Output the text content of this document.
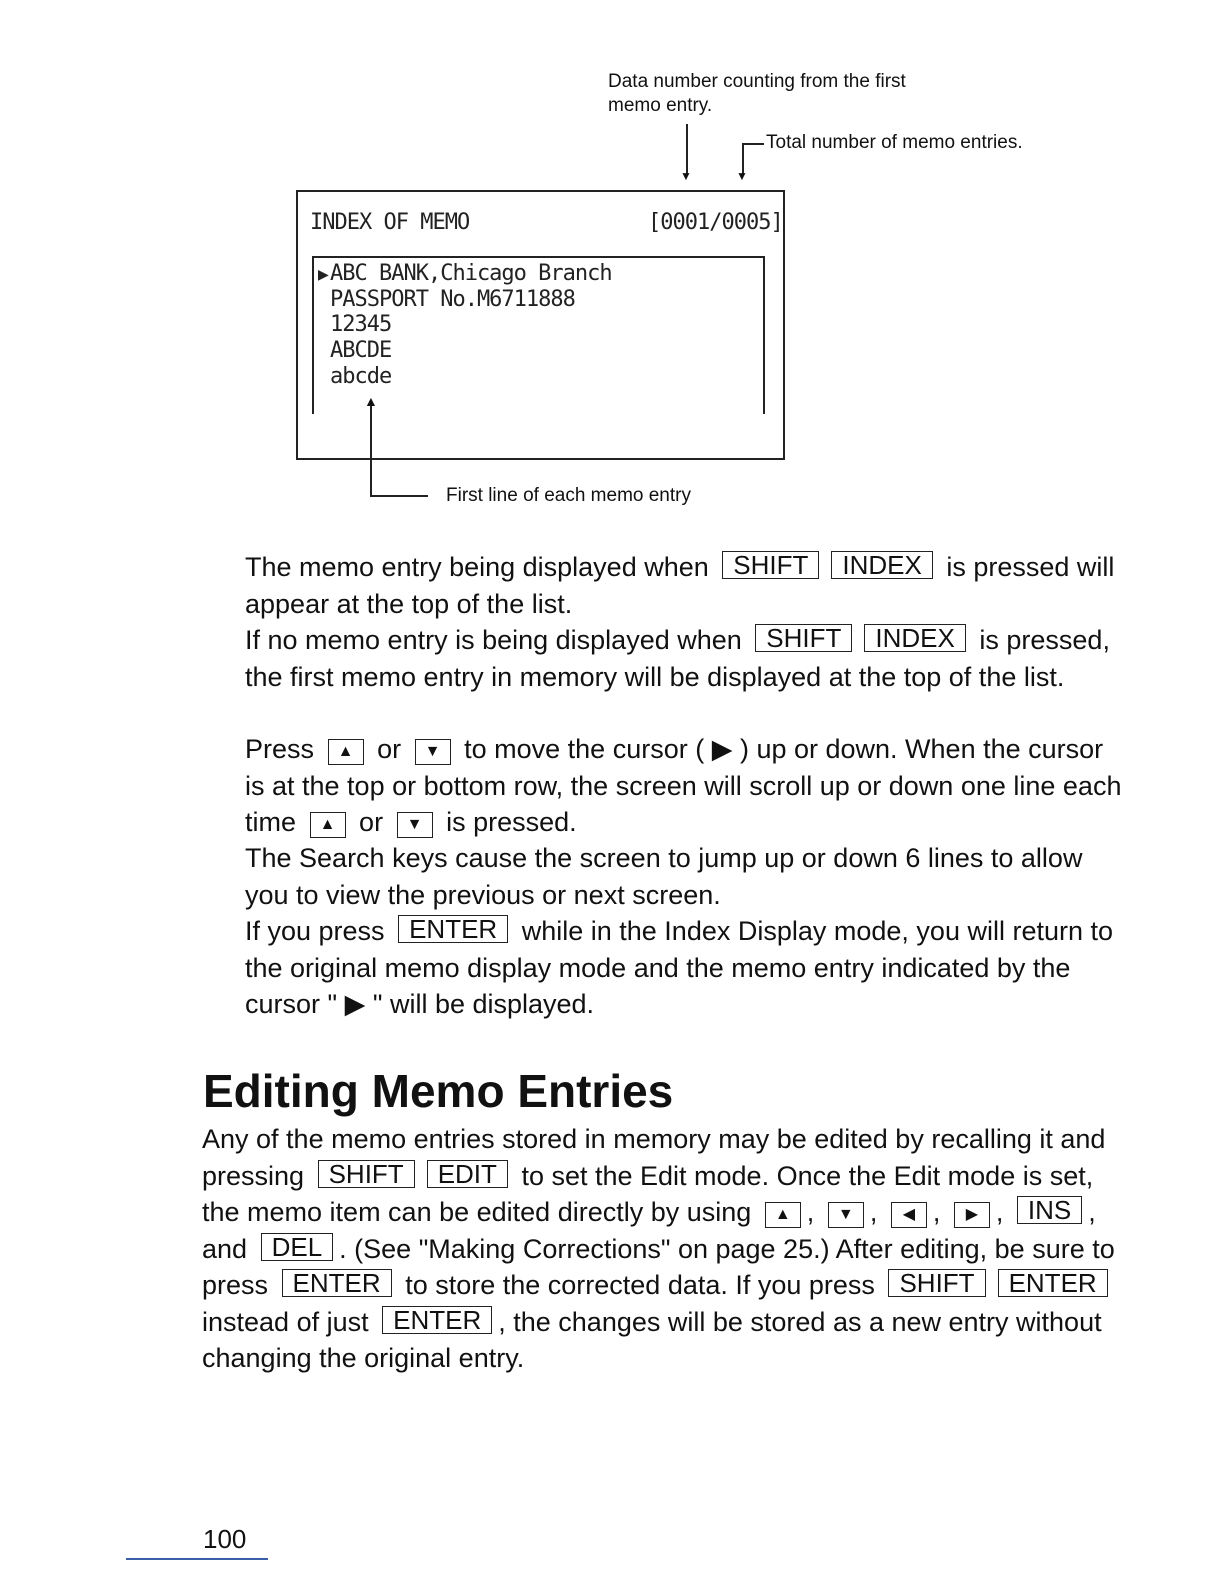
Data number counting from the first memo entry.
Total number of memo entries.
▼	▼
INDEX OF MEMO	[0001/0005]
▶ ABC BANK,Chicago Branch
PASSPORT No.M6711888
12345
ABCDE
abcde
▲
First line of each memo entry
The memo entry being displayed when SHIFT INDEX is pressed will appear at the top of the list.
If no memo entry is being displayed when SHIFT INDEX is pressed, the first memo entry in memory will be displayed at the top of the list.
Press ▲ or ▼ to move the cursor ( ▶ ) up or down. When the cursor is at the top or bottom row, the screen will scroll up or down one line each time ▲ or ▼ is pressed.
The Search keys cause the screen to jump up or down 6 lines to allow you to view the previous or next screen.
If you press ENTER while in the Index Display mode, you will return to the original memo display mode and the memo entry indicated by the cursor " ▶ " will be displayed.
Editing Memo Entries
Any of the memo entries stored in memory may be edited by recalling it and pressing SHIFT EDIT to set the Edit mode. Once the Edit mode is set, the memo item can be edited directly by using ▲ , ▼ , ◀ , ▶ , INS , and DEL . (See "Making Corrections" on page 25.) After editing, be sure to press ENTER to store the corrected data. If you press SHIFT ENTER instead of just ENTER , the changes will be stored as a new entry without changing the original entry.
100
